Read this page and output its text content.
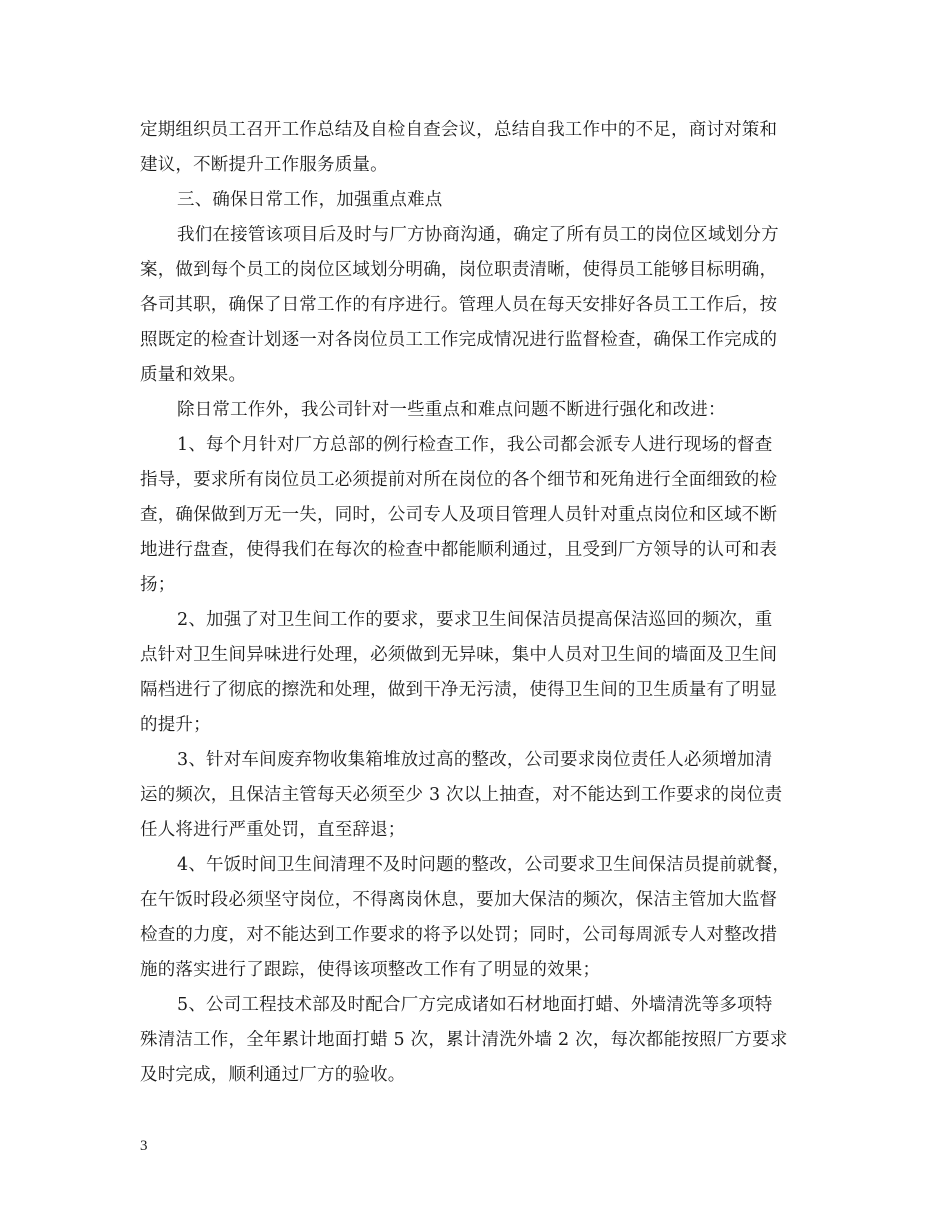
定期组织员工召开工作总结及自检自查会议，总结自我工作中的不足，商讨对策和
建议，不断提升工作服务质量。
三、确保日常工作，加强重点难点
我们在接管该项目后及时与厂方协商沟通，确定了所有员工的岗位区域划分方
案，做到每个员工的岗位区域划分明确，岗位职责清晰，使得员工能够目标明确，
各司其职，确保了日常工作的有序进行。管理人员在每天安排好各员工工作后，按
照既定的检查计划逐一对各岗位员工工作完成情况进行监督检查，确保工作完成的
质量和效果。
除日常工作外，我公司针对一些重点和难点问题不断进行强化和改进：
1、每个月针对厂方总部的例行检查工作，我公司都会派专人进行现场的督查
指导，要求所有岗位员工必须提前对所在岗位的各个细节和死角进行全面细致的检
查，确保做到万无一失，同时，公司专人及项目管理人员针对重点岗位和区域不断
地进行盘查，使得我们在每次的检查中都能顺利通过，且受到厂方领导的认可和表
扬；
2、加强了对卫生间工作的要求，要求卫生间保洁员提高保洁巡回的频次，重
点针对卫生间异味进行处理，必须做到无异味，集中人员对卫生间的墙面及卫生间
隔档进行了彻底的擦洗和处理，做到干净无污渍，使得卫生间的卫生质量有了明显
的提升；
3、针对车间废弃物收集箱堆放过高的整改，公司要求岗位责任人必须增加清
运的频次，且保洁主管每天必须至少 3 次以上抽查，对不能达到工作要求的岗位责
任人将进行严重处罚，直至辞退；
4、午饭时间卫生间清理不及时问题的整改，公司要求卫生间保洁员提前就餐，
在午饭时段必须坚守岗位，不得离岗休息，要加大保洁的频次，保洁主管加大监督
检查的力度，对不能达到工作要求的将予以处罚；同时，公司每周派专人对整改措
施的落实进行了跟踪，使得该项整改工作有了明显的效果；
5、公司工程技术部及时配合厂方完成诸如石材地面打蜡、外墙清洗等多项特
殊清洁工作，全年累计地面打蜡 5 次，累计清洗外墙 2 次，每次都能按照厂方要求
及时完成，顺利通过厂方的验收。
3
